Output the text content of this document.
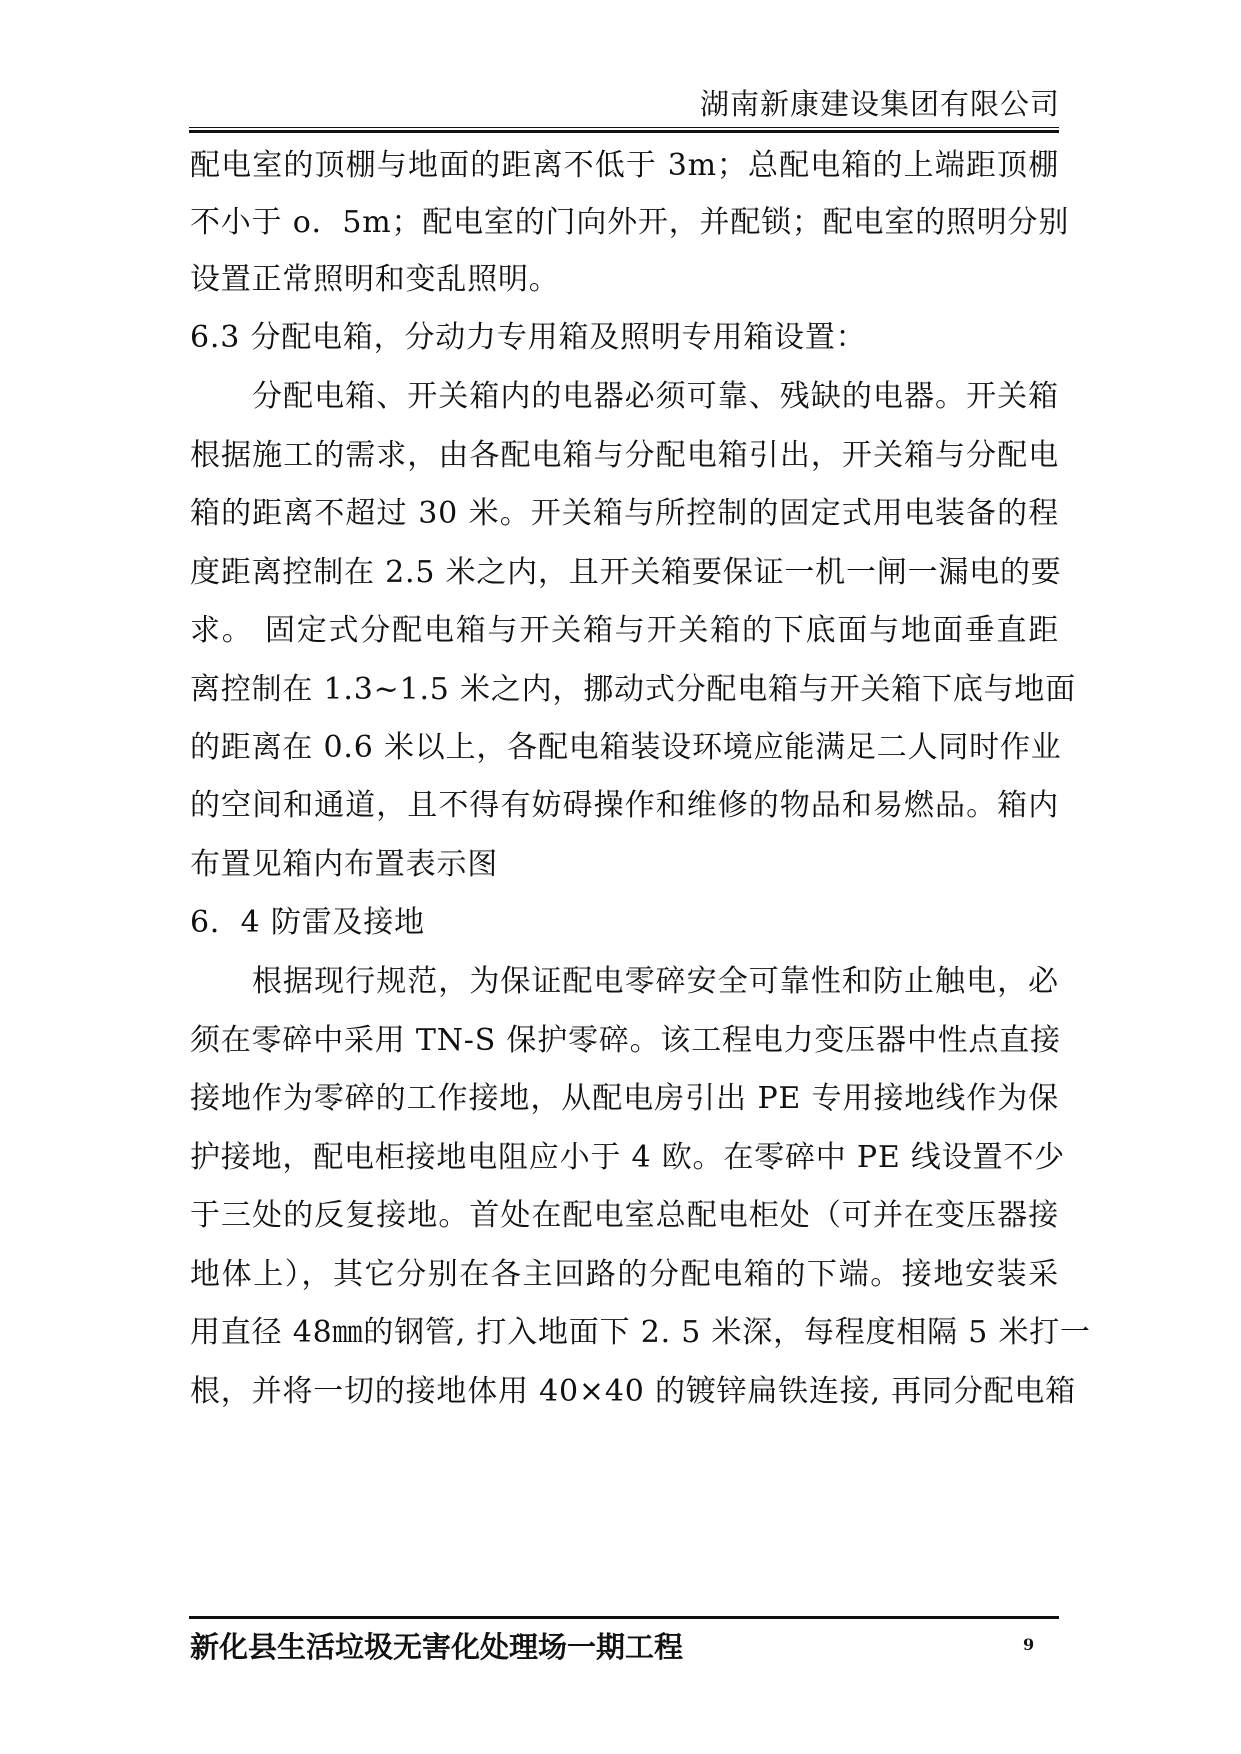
湖南新康建设集团有限公司
配电室的顶棚与地面的距离不低于 3m；总配电箱的上端距顶棚
不小于 o．5m；配电室的门向外开，并配锁；配电室的照明分别
设置正常照明和变乱照明。
6.3 分配电箱，分动力专用箱及照明专用箱设置：
分配电箱、开关箱内的电器必须可靠、残缺的电器。开关箱
根据施工的需求，由各配电箱与分配电箱引出，开关箱与分配电
箱的距离不超过 30 米。开关箱与所控制的固定式用电装备的程
度距离控制在 2.5 米之内，且开关箱要保证一机一闸一漏电的要
求。 固定式分配电箱与开关箱与开关箱的下底面与地面垂直距
离控制在 1.3~1.5 米之内，挪动式分配电箱与开关箱下底与地面
的距离在 0.6 米以上，各配电箱装设环境应能满足二人同时作业
的空间和通道，且不得有妨碍操作和维修的物品和易燃品。箱内
布置见箱内布置表示图
6．4 防雷及接地
根据现行规范，为保证配电零碎安全可靠性和防止触电，必
须在零碎中采用 TN-S 保护零碎。该工程电力变压器中性点直接
接地作为零碎的工作接地，从配电房引出 PE 专用接地线作为保
护接地，配电柜接地电阻应小于 4 欧。在零碎中 PE 线设置不少
于三处的反复接地。首处在配电室总配电柜处（可并在变压器接
地体上），其它分别在各主回路的分配电箱的下端。接地安装采
用直径 48㎜的钢管, 打入地面下 2. 5 米深，每程度相隔 5 米打一
根，并将一切的接地体用 40×40 的镀锌扁铁连接, 再同分配电箱
新化县生活垃圾无害化处理场一期工程	9
